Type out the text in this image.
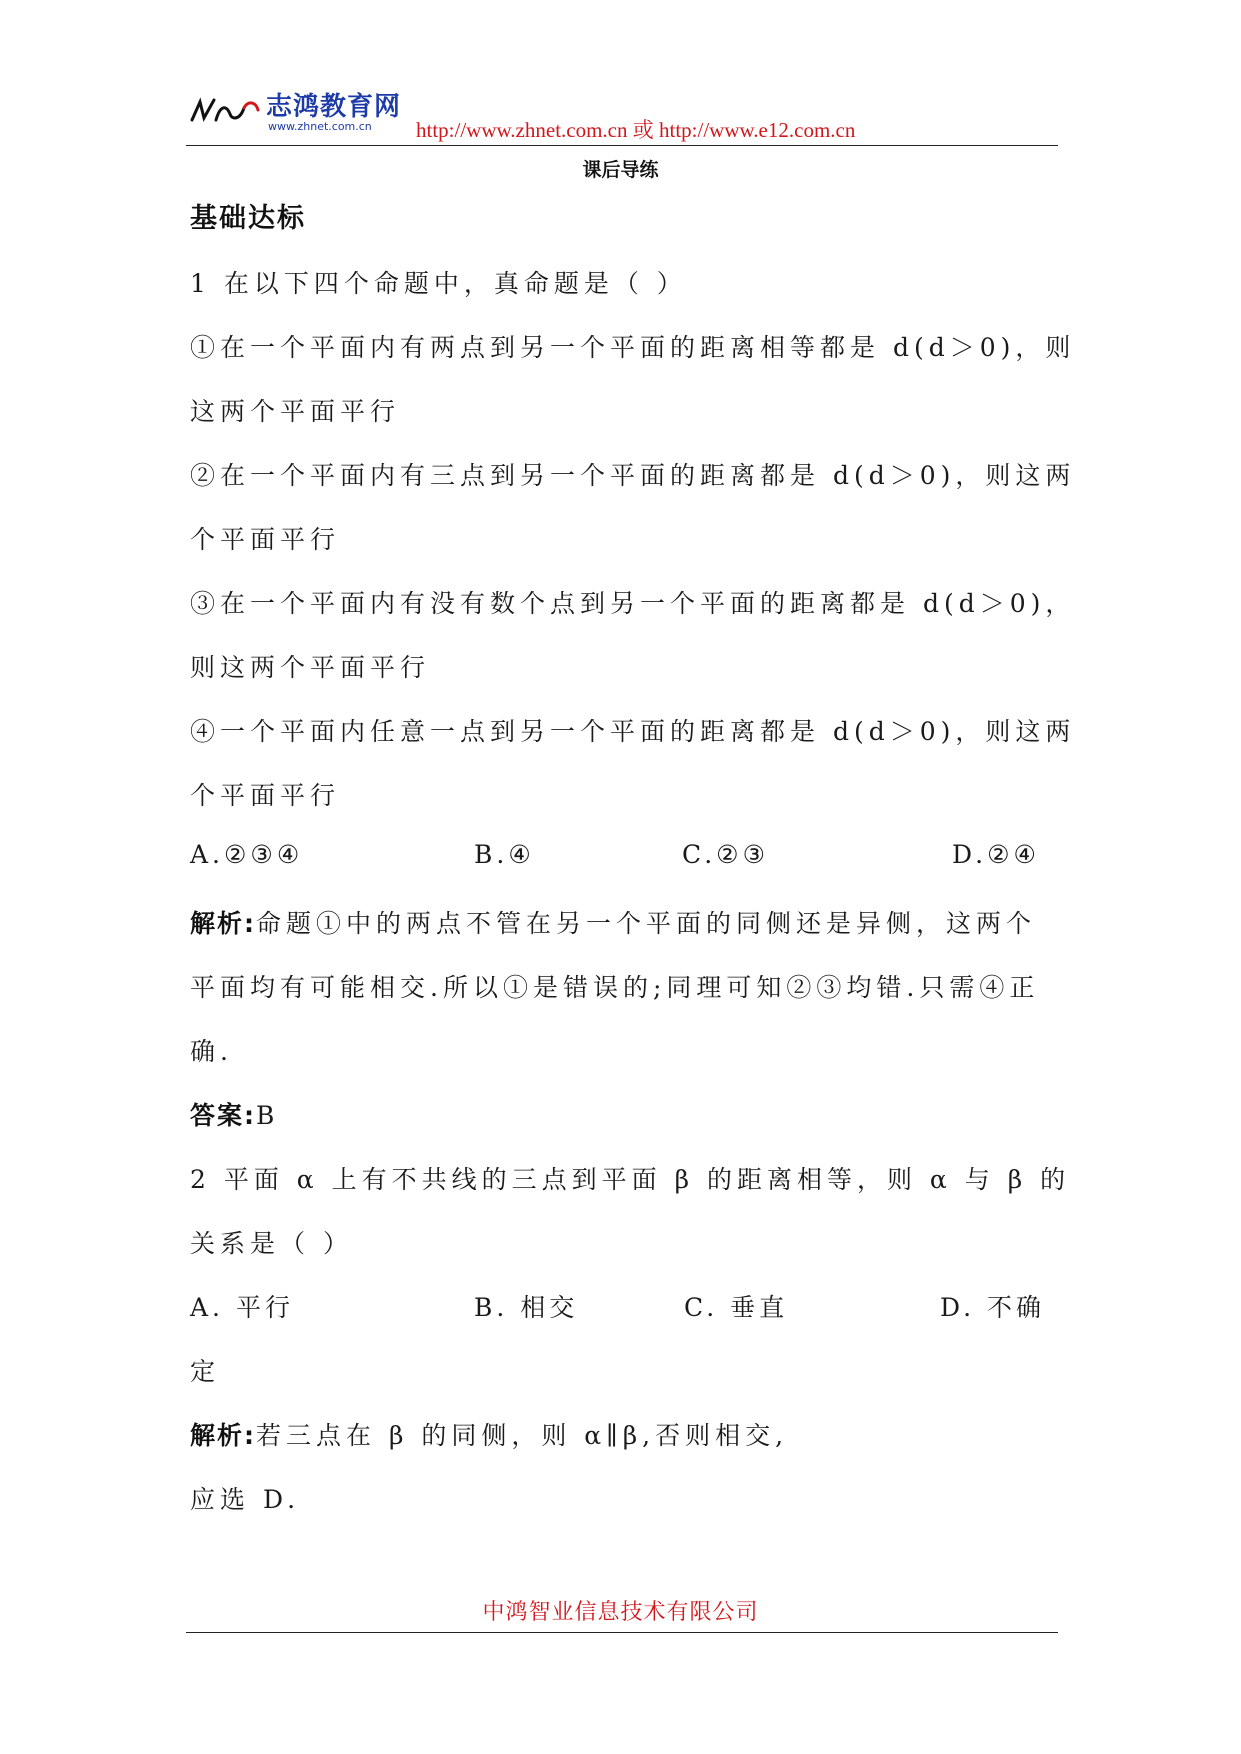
志鸿教育网
www.zhnet.com.cn http://www.zhnet.com.cn 或 http://www.e12.com.cn
课后导练
基础达标
1 在以下四个命题中，真命题是（ ）
①在一个平面内有两点到另一个平面的距离相等都是 d(d＞0)，则
这两个平面平行
②在一个平面内有三点到另一个平面的距离都是 d(d＞0)，则这两
个平面平行
③在一个平面内有没有数个点到另一个平面的距离都是 d(d＞0)，
则这两个平面平行
④一个平面内任意一点到另一个平面的距离都是 d(d＞0)，则这两
个平面平行
A.②③④	B.④	C.②③	D.②④
解析:命题①中的两点不管在另一个平面的同侧还是异侧，这两个
平面均有可能相交.所以①是错误的;同理可知②③均错.只需④正
确.
答案:B
2 平面 α 上有不共线的三点到平面 β 的距离相等，则 α 与 β 的
关系是（ ）
A. 平行	B. 相交	C. 垂直	D. 不确
定
解析:若三点在 β 的同侧，则 α∥β,否则相交,
应选 D.
中鸿智业信息技术有限公司
